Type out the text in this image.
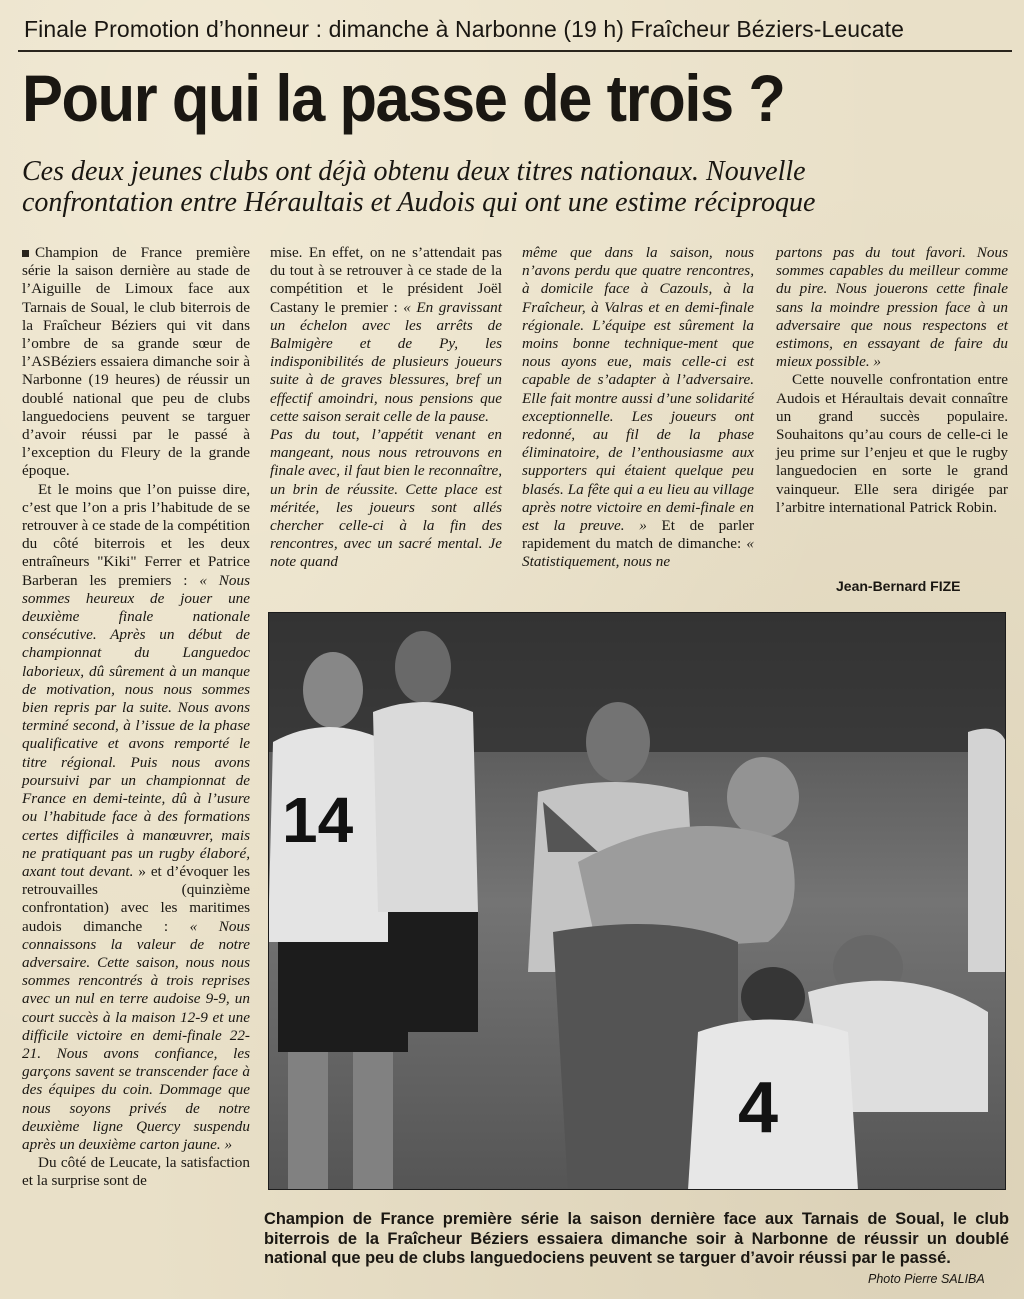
Finale Promotion d’honneur : dimanche à Narbonne (19 h) Fraîcheur Béziers-Leucate
Pour qui la passe de trois ?
Ces deux jeunes clubs ont déjà obtenu deux titres nationaux. Nouvelle
confrontation entre Héraultais et Audois qui ont une estime réciproque

Champion de France première série la saison dernière au stade de l’Aiguille de Limoux face aux Tarnais de Soual, le club biterrois de la Fraîcheur Béziers qui vit dans l’ombre de sa grande sœur de l’ASBéziers essaiera dimanche soir à Narbonne (19 heures) de réussir un doublé national que peu de clubs languedociens peuvent se targuer d’avoir réussi par le passé à l’exception du Fleury de la grande époque.

Et le moins que l’on puisse dire, c’est que l’on a pris l’habitude de se retrouver à ce stade de la compétition du côté biterrois et les deux entraîneurs "Kiki" Ferrer et Patrice Barberan les premiers : « Nous sommes heureux de jouer une deuxième finale nationale consécutive. Après un début de championnat du Languedoc laborieux, dû sûrement à un manque de motivation, nous nous sommes bien repris par la suite. Nous avons terminé second, à l’issue de la phase qualificative et avons remporté le titre régional. Puis nous avons poursuivi par un championnat de France en demi-teinte, dû à l’usure ou l’habitude face à des formations certes difficiles à manœuvrer, mais ne pratiquant pas un rugby élaboré, axant tout devant. » et d’évoquer les retrouvailles (quinzième confrontation) avec les maritimes audois dimanche : « Nous connaissons la valeur de notre adversaire. Cette saison, nous nous sommes rencontrés à trois reprises avec un nul en terre audoise 9-9, un court succès à la maison 12-9 et une difficile victoire en demi-finale 22-21. Nous avons confiance, les garçons savent se transcender face à des équipes du coin. Dommage que nous soyons privés de notre deuxième ligne Quercy suspendu après un deuxième carton jaune. »

Du côté de Leucate, la satisfaction et la surprise sont de

mise. En effet, on ne s’attendait pas du tout à se retrouver à ce stade de la compétition et le président Joël Castany le premier : « En gravissant un échelon avec les arrêts de Balmigère et de Py, les indisponibilités de plusieurs joueurs suite à de graves blessures, bref un effectif amoindri, nous pensions que cette saison serait celle de la pause.

Pas du tout, l’appétit venant en mangeant, nous nous retrouvons en finale avec, il faut bien le reconnaître, un brin de réussite. Cette place est méritée, les joueurs sont allés chercher celle-ci à la fin des rencontres, avec un sacré mental. Je note quand

même que dans la saison, nous n’avons perdu que quatre rencontres, à domicile face à Cazouls, à la Fraîcheur, à Valras et en demi-finale régionale. L’équipe est sûrement la moins bonne technique-ment que nous ayons eue, mais celle-ci est capable de s’adapter à l’adversaire. Elle fait montre aussi d’une solidarité exceptionnelle. Les joueurs ont redonné, au fil de la phase éliminatoire, de l’enthousiasme aux supporters qui étaient quelque peu blasés. La fête qui a eu lieu au village après notre victoire en demi-finale en est la preuve. » Et de parler rapidement du match de dimanche: « Statistiquement, nous ne

partons pas du tout favori. Nous sommes capables du meilleur comme du pire. Nous jouerons cette finale sans la moindre pression face à un adversaire que nous respectons et estimons, en essayant de faire du mieux possible. »

Cette nouvelle confrontation entre Audois et Héraultais devait connaître un grand succès populaire. Souhaitons qu’au cours de celle-ci le jeu prime sur l’enjeu et que le rugby languedocien en sorte le grand vainqueur. Elle sera dirigée par l’arbitre international Patrick Robin.

Jean-Bernard FIZE
14
4
Champion de France première série la saison dernière face aux Tarnais de Soual, le club biterrois de la Fraîcheur Béziers essaiera dimanche soir à Narbonne de réussir un doublé national que peu de clubs languedociens peuvent se targuer d’avoir réussi par le passé.
Photo Pierre SALIBA
